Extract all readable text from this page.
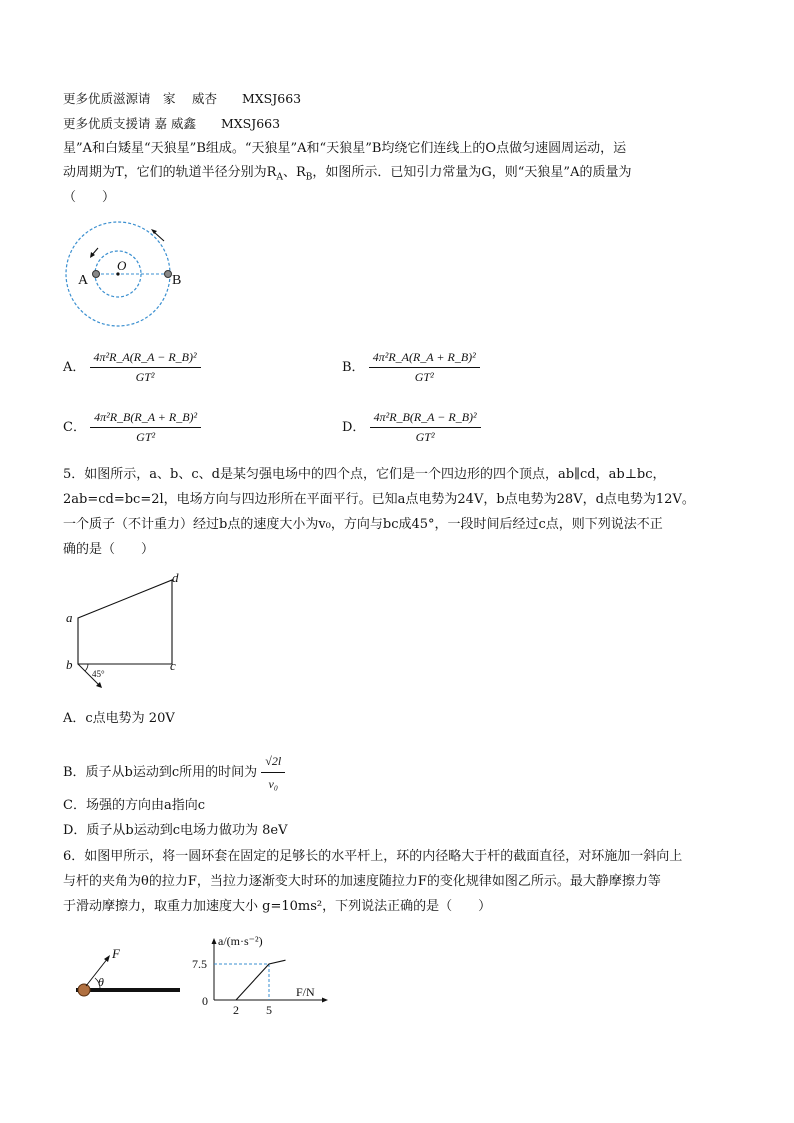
更多优质滋源请　家　 威杏　　MXSJ663
更多优质支援请 嘉 威鑫　　MXSJ663
星”A和白矮星“天狼星”B组成。“天狼星”A和“天狼星”B均绕它们连线上的O点做匀速圆周运动，运
动周期为T，它们的轨道半径分别为$R_A$、$R_B$，如图所示．已知引力常量为G，则“天狼星”A的质量为
（　　）
A	B
O
A． $\frac{\text{4π²R\_A(R\_A − R\_B)²}}{\text{GT²}}$	B． $\frac{\text{4π²R\_A(R\_A + R\_B)²}}{\text{GT²}}$
C． $\frac{\text{4π²R\_B(R\_A + R\_B)²}}{\text{GT²}}$	D． $\frac{\text{4π²R\_B(R\_A − R\_B)²}}{\text{GT²}}$
5．如图所示，a、b、c、d是某匀强电场中的四个点，它们是一个四边形的四个顶点，ab∥cd，ab⊥bc，
2ab=cd=bc=2l，电场方向与四边形所在平面平行。已知a点电势为24V，b点电势为28V，d点电势为12V。
一个质子（不计重力）经过b点的速度大小为v₀，方向与bc成45°，一段时间后经过c点，则下列说法不正
确的是（　　）
a
b	c
d
45°
A．c点电势为 20V
B．质子从b运动到c所用的时间为 $\frac{√2l}{\text{v₀}}$
C．场强的方向由a指向c
D．质子从b运动到c电场力做功为 8eV
6．如图甲所示，将一圆环套在固定的足够长的水平杆上，环的内径略大于杆的截面直径，对环施加一斜向上
与杆的夹角为θ的拉力F，当拉力逐渐变大时环的加速度随拉力F的变化规律如图乙所示。最大静摩擦力等
于滑动摩擦力，取重力加速度大小 g=10ms²，下列说法正确的是（　　）
F
θ
a/(m·s⁻²)
F/N
0
2 5
7.5
